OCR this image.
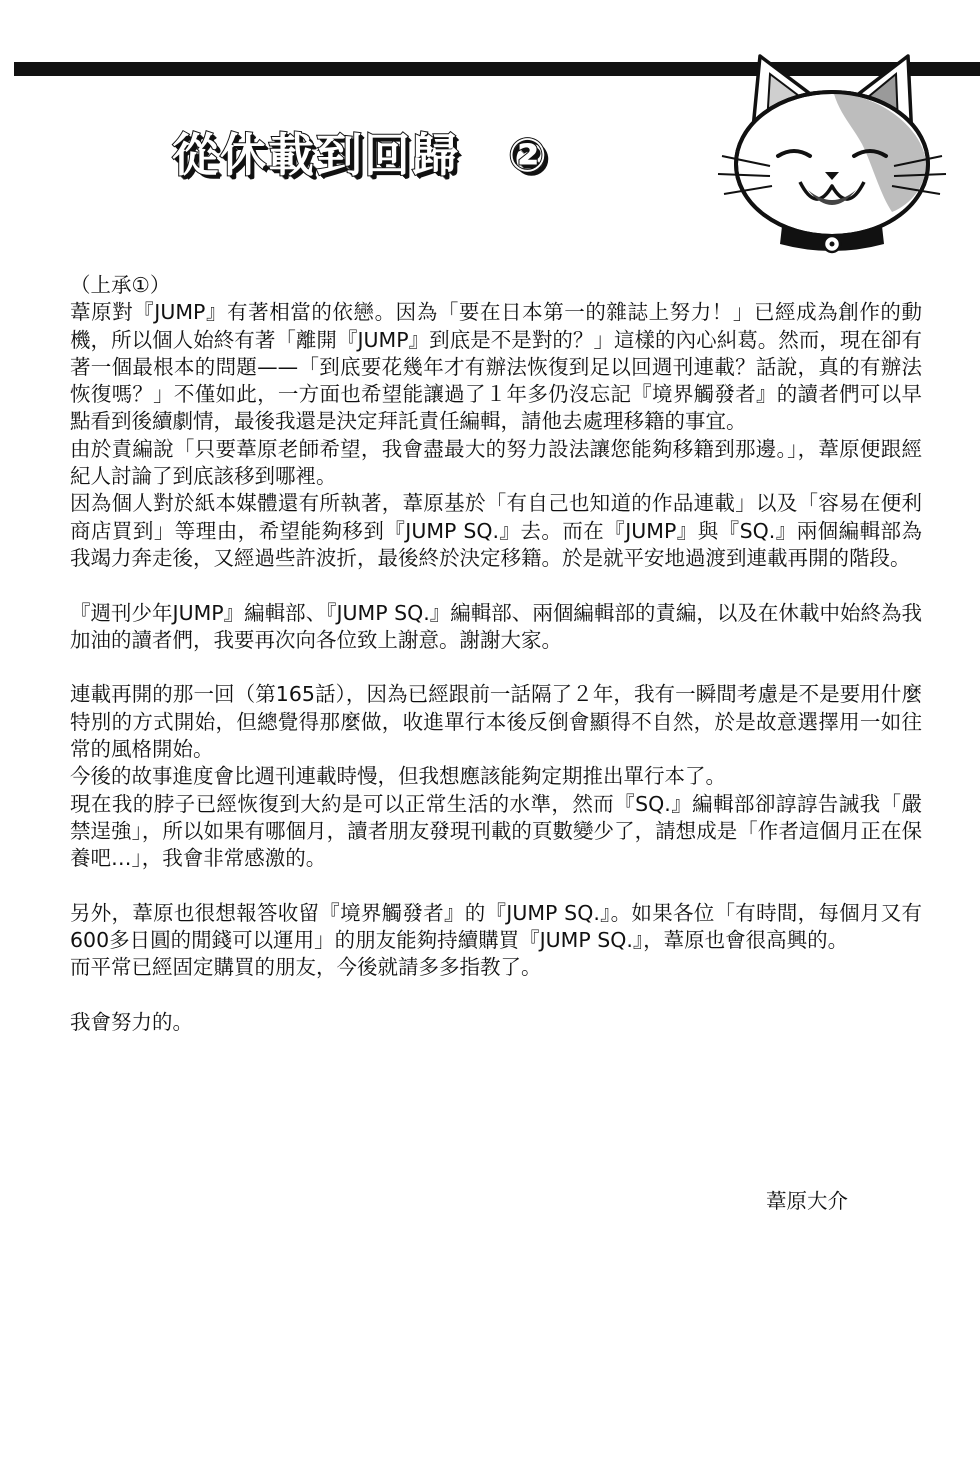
從休載到回歸　②

（上承①）

葦原對『JUMP』有著相當的依戀。因為「要在日本第一的雜誌上努力！」已經成為創作的動機，所以個人始終有著「離開『JUMP』到底是不是對的？」這樣的內心糾葛。然而，現在卻有著一個最根本的問題——「到底要花幾年才有辦法恢復到足以回週刊連載？話說，真的有辦法恢復嗎？」不僅如此，一方面也希望能讓過了１年多仍沒忘記『境界觸發者』的讀者們可以早點看到後續劇情，最後我還是決定拜託責任編輯，請他去處理移籍的事宜。

由於責編說「只要葦原老師希望，我會盡最大的努力設法讓您能夠移籍到那邊。」，葦原便跟經紀人討論了到底該移到哪裡。

因為個人對於紙本媒體還有所執著，葦原基於「有自己也知道的作品連載」以及「容易在便利商店買到」等理由，希望能夠移到『JUMP SQ.』去。而在『JUMP』與『SQ.』兩個編輯部為我竭力奔走後，又經過些許波折，最後終於決定移籍。於是就平安地過渡到連載再開的階段。

『週刊少年JUMP』編輯部、『JUMP SQ.』編輯部、兩個編輯部的責編，以及在休載中始終為我加油的讀者們，我要再次向各位致上謝意。謝謝大家。

連載再開的那一回（第165話），因為已經跟前一話隔了２年，我有一瞬間考慮是不是要用什麼特別的方式開始，但總覺得那麼做，收進單行本後反倒會顯得不自然，於是故意選擇用一如往常的風格開始。

今後的故事進度會比週刊連載時慢，但我想應該能夠定期推出單行本了。

現在我的脖子已經恢復到大約是可以正常生活的水準，然而『SQ.』編輯部卻諄諄告誡我「嚴禁逞強」，所以如果有哪個月，讀者朋友發現刊載的頁數變少了，請想成是「作者這個月正在保養吧…」，我會非常感激的。

另外，葦原也很想報答收留『境界觸發者』的『JUMP SQ.』。如果各位「有時間，每個月又有600多日圓的閒錢可以運用」的朋友能夠持續購買『JUMP SQ.』，葦原也會很高興的。

而平常已經固定購買的朋友，今後就請多多指教了。

我會努力的。

葦原大介
